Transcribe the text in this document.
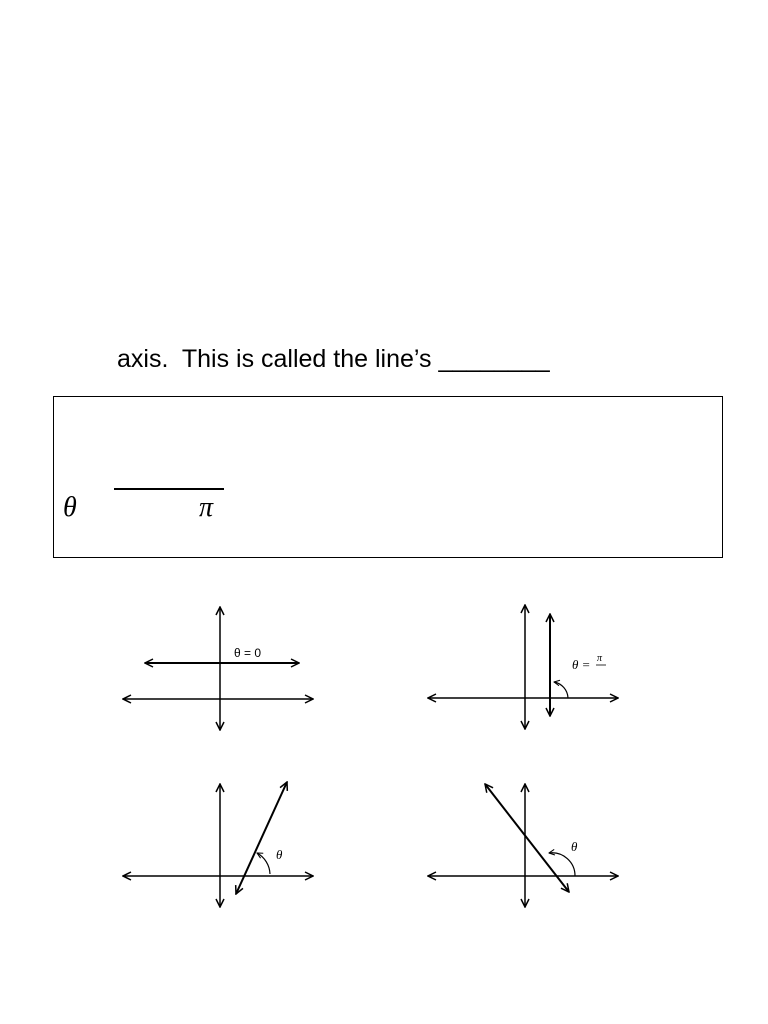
axis.  This is called the line’s ________
θ	π
θ = 0
θ = π
θ
θ
